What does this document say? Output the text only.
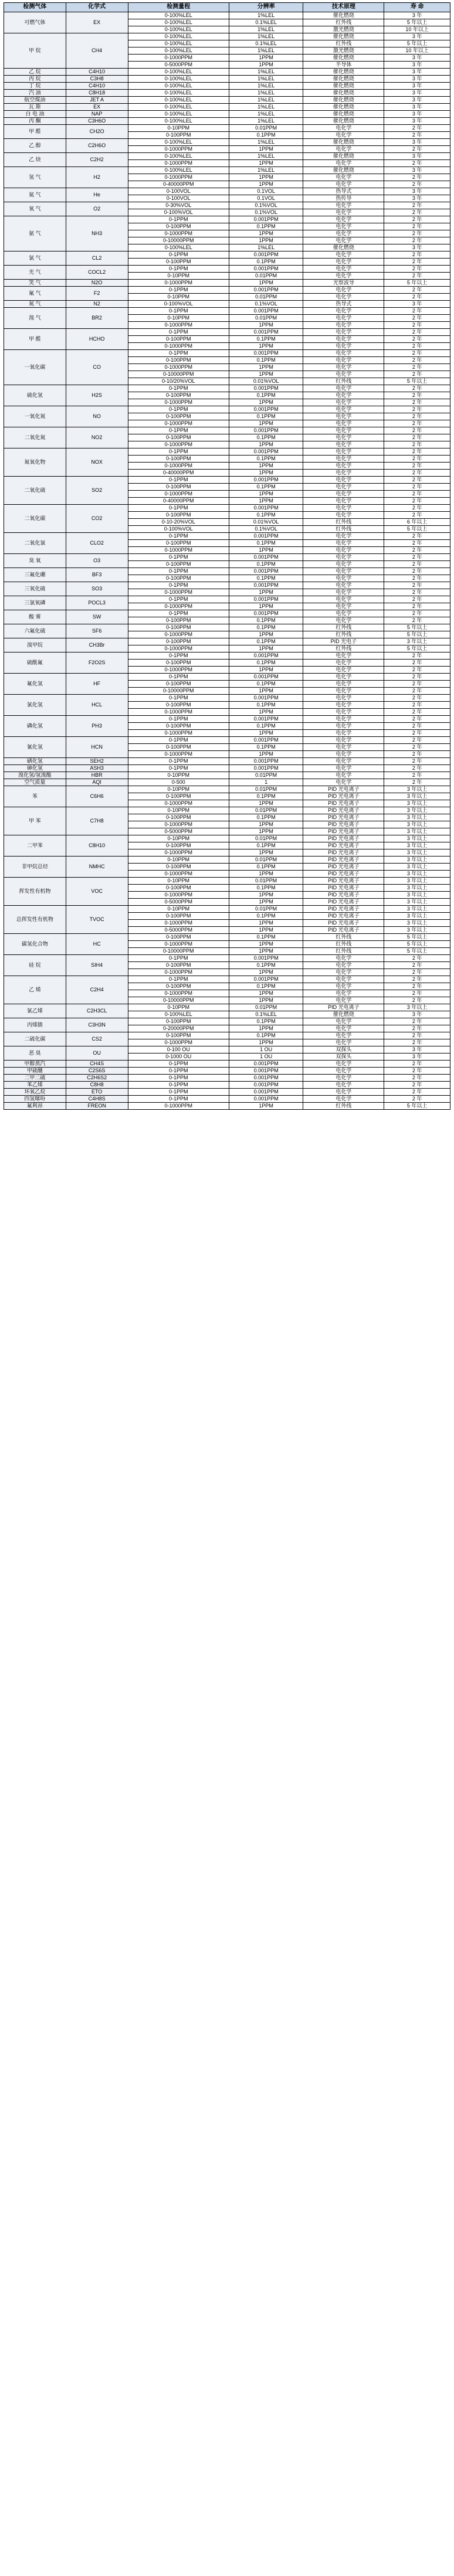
检测气体	化学式	检测量程	分辨率	技术原理	寿 命
可燃气体	EX	0-100%LEL	1%LEL	催化燃烧	3 年
		0-100%LEL	0.1%LEL	红外线	5 年以上
		0-100%LEL	1%LEL	激光燃烧	10 年以上
甲 烷	CH4	0-100%LEL	1%LEL	催化燃烧	3 年
		0-100%LEL	0.1%LEL	红外线	5 年以上
		0-100%LEL	1%LEL	激光燃烧	10 年以上
		0-1000PPM	1PPM	催化燃烧	3 年
		0-5000PPM	1PPM	半导体	3 年
乙 烷	C4H10	0-100%LEL	1%LEL	催化燃烧	3 年
丙 烷	C3H8	0-100%LEL	1%LEL	催化燃烧	3 年
丁 烷	C4H10	0-100%LEL	1%LEL	催化燃烧	3 年
汽 油	C8H18	0-100%LEL	1%LEL	催化燃烧	3 年
航空煤油	JET A	0-100%LEL	1%LEL	催化燃烧	3 年
瓦 斯	EX	0-100%LEL	1%LEL	催化燃烧	3 年
白 电 油	NAP	0-100%LEL	1%LEL	催化燃烧	3 年
丙 酮	C3H6O	0-100%LEL	1%LEL	催化燃烧	3 年
甲 醛	CH2O	0-10PPM	0.01PPM	电化学	2 年
		0-100PPM	0.1PPM	电化学	2 年
乙 醇	C2H6O	0-100%LEL	1%LEL	催化燃烧	3 年
		0-1000PPM	1PPM	电化学	2 年
乙 炔	C2H2	0-100%LEL	1%LEL	催化燃烧	3 年
		0-1000PPM	1PPM	电化学	2 年
氢 气	H2	0-100%LEL	1%LEL	催化燃烧	3 年
		0-1000PPM	1PPM	电化学	2 年
		0-40000PPM	1PPM	电化学	2 年
氦 气	He	0-100VOL	0.1VOL	热导式	3 年
		0-100VOL	0.1VOL	热传导	3 年
氧 气	O2	0-30%VOL	0.1%VOL	电化学	2 年
		0-100%VOL	0.1%VOL	电化学	2 年
氨 气	NH3	0-1PPM	0.001PPM	电化学	2 年
		0-100PPM	0.1PPM	电化学	2 年
		0-1000PPM	1PPM	电化学	2 年
		0-10000PPM	1PPM	电化学	2 年
		0-100%LEL	1%LEL	催化燃烧	3 年
氯 气	CL2	0-1PPM	0.001PPM	电化学	2 年
		0-100PPM	0.1PPM	电化学	2 年
光 气	COCL2	0-1PPM	0.001PPM	电化学	2 年
		0-10PPM	0.01PPM	电化学	2 年
笑 气	N2O	0-1000PPM	1PPM	光察波导	5 年以上
氟 气	F2	0-1PPM	0.001PPM	电化学	2 年
		0-10PPM	0.01PPM	电化学	2 年
氮 气	N2	0-100%VOL	0.1%VOL	热导式	3 年
溴 气	BR2	0-1PPM	0.001PPM	电化学	2 年
		0-10PPM	0.01PPM	电化学	2 年
		0-1000PPM	1PPM	电化学	2 年
甲 醛	HCHO	0-1PPM	0.001PPM	电化学	2 年
		0-100PPM	0.1PPM	电化学	2 年
		0-1000PPM	1PPM	电化学	2 年
一氧化碳	CO	0-1PPM	0.001PPM	电化学	2 年
		0-100PPM	0.1PPM	电化学	2 年
		0-1000PPM	1PPM	电化学	2 年
		0-10000PPM	1PPM	电化学	2 年
		0-10/20%VOL	0.01%VOL	红外线	5 年以上
硫化氢	H2S	0-1PPM	0.001PPM	电化学	2 年
		0-100PPM	0.1PPM	电化学	2 年
		0-1000PPM	1PPM	电化学	2 年
一氧化氮	NO	0-1PPM	0.001PPM	电化学	2 年
		0-100PPM	0.1PPM	电化学	2 年
		0-1000PPM	1PPM	电化学	2 年
二氧化氮	NO2	0-1PPM	0.001PPM	电化学	2 年
		0-100PPM	0.1PPM	电化学	2 年
		0-1000PPM	1PPM	电化学	2 年
氮氧化物	NOX	0-1PPM	0.001PPM	电化学	2 年
		0-100PPM	0.1PPM	电化学	2 年
		0-1000PPM	1PPM	电化学	2 年
		0-40000PPM	1PPM	电化学	2 年
二氧化硫	SO2	0-1PPM	0.001PPM	电化学	2 年
		0-100PPM	0.1PPM	电化学	2 年
		0-1000PPM	1PPM	电化学	2 年
		0-40000PPM	1PPM	电化学	2 年
二氧化碳	CO2	0-1PPM	0.001PPM	电化学	2 年
		0-100PPM	0.1PPM	电化学	2 年
		0-10-20%VOL	0.01%VOL	红外线	6 年以上
		0-100%VOL	0.1%VOL	红外线	5 年以上
二氧化氯	CLO2	0-1PPM	0.001PPM	电化学	2 年
		0-100PPM	0.1PPM	电化学	2 年
		0-1000PPM	1PPM	电化学	2 年
臭 氧	O3	0-1PPM	0.001PPM	电化学	2 年
		0-100PPM	0.1PPM	电化学	2 年
三氟化硼	BF3	0-1PPM	0.001PPM	电化学	2 年
		0-100PPM	0.1PPM	电化学	2 年
三氧化硫	SO3	0-1PPM	0.001PPM	电化学	2 年
		0-1000PPM	1PPM	电化学	2 年
三氯氧磷	POCL3	0-1PPM	0.001PPM	电化学	2 年
		0-1000PPM	1PPM	电化学	2 年
酸 雾	SW	0-1PPM	0.001PPM	电化学	2 年
		0-100PPM	0.1PPM	电化学	2 年
六氟化硫	SF6	0-100PPM	0.1PPM	红外线	5 年以上
		0-1000PPM	1PPM	红外线	5 年以上
溴甲烷	CH3Br	0-100PPM	0.1PPM	PID 光电子	3 年以上
		0-1000PPM	1PPM	红外线	5 年以上
硫酰氟	F2O2S	0-1PPM	0.001PPM	电化学	2 年
		0-100PPM	0.1PPM	电化学	2 年
		0-1000PPM	1PPM	电化学	2 年
氟化氢	HF	0-1PPM	0.001PPM	电化学	2 年
		0-100PPM	0.1PPM	电化学	2 年
		0-10000PPM	1PPM	电化学	2 年
氯化氢	HCL	0-1PPM	0.001PPM	电化学	2 年
		0-100PPM	0.1PPM	电化学	2 年
		0-1000PPM	1PPM	电化学	2 年
磷化氢	PH3	0-1PPM	0.001PPM	电化学	2 年
		0-100PPM	0.1PPM	电化学	2 年
		0-1000PPM	1PPM	电化学	2 年
氰化氢	HCN	0-1PPM	0.001PPM	电化学	2 年
		0-100PPM	0.1PPM	电化学	2 年
		0-1000PPM	1PPM	电化学	2 年
硒化氢	SEH2	0-1PPM	0.001PPM	电化学	2 年
砷化氢	ASH3	0-1PPM	0.001PPM	电化学	2 年
溴化氢/氢溴酸	HBR	0-10PPM	0.01PPM	电化学	2 年
空气质量	AQI	0-500	1	电化学	2 年
苯	C6H6	0-10PPM	0.01PPM	PID 光电离子	3 年以上
		0-100PPM	0.1PPM	PID 光电离子	3 年以上
		0-1000PPM	1PPM	PID 光电离子	3 年以上
甲 苯	C7H8	0-10PPM	0.01PPM	PID 光电离子	3 年以上
		0-100PPM	0.1PPM	PID 光电离子	3 年以上
		0-1000PPM	1PPM	PID 光电离子	3 年以上
		0-5000PPM	1PPM	PID 光电离子	3 年以上
二甲苯	C8H10	0-10PPM	0.01PPM	PID 光电离子	3 年以上
		0-100PPM	0.1PPM	PID 光电离子	3 年以上
		0-1000PPM	1PPM	PID 光电离子	3 年以上
非甲烷总烃	NMHC	0-10PPM	0.01PPM	PID 光电离子	3 年以上
		0-100PPM	0.1PPM	PID 光电离子	3 年以上
		0-1000PPM	1PPM	PID 光电离子	3 年以上
挥发性有机物	VOC	0-10PPM	0.01PPM	PID 光电离子	3 年以上
		0-100PPM	0.1PPM	PID 光电离子	3 年以上
		0-1000PPM	1PPM	PID 光电离子	3 年以上
		0-5000PPM	1PPM	PID 光电离子	3 年以上
总挥发性有机物	TVOC	0-10PPM	0.01PPM	PID 光电离子	3 年以上
		0-100PPM	0.1PPM	PID 光电离子	3 年以上
		0-1000PPM	1PPM	PID 光电离子	3 年以上
		0-5000PPM	1PPM	PID 光电离子	3 年以上
碳氢化合物	HC	0-100PPM	0.1PPM	红外线	5 年以上
		0-1000PPM	1PPM	红外线	5 年以上
		0-10000PPM	1PPM	红外线	5 年以上
硅 烷	SIH4	0-1PPM	0.001PPM	电化学	2 年
		0-100PPM	0.1PPM	电化学	2 年
		0-1000PPM	1PPM	电化学	2 年
乙 烯	C2H4	0-1PPM	0.001PPM	电化学	2 年
		0-100PPM	0.1PPM	电化学	2 年
		0-1000PPM	1PPM	电化学	2 年
		0-10000PPM	1PPM	电化学	2 年
氯乙烯	C2H3CL	0-10PPM	0.01PPM	PID 光电离子	3 年以上
		0-100%LEL	0.1%LEL	催化燃烧	3 年
丙烯腈	C3H3N	0-100PPM	0.1PPM	电化学	2 年
		0-20000PPM	1PPM	电化学	2 年
二硫化碳	CS2	0-100PPM	0.1PPM	电化学	2 年
		0-1000PPM	1PPM	电化学	2 年
恶 臭	OU	0-100 OU	1 OU	双探头	3 年
		0-1000 OU	1 OU	双探头	3 年
甲醇蒸汽	CH4S	0-1PPM	0.001PPM	电化学	2 年
甲硫醚	C2S6S	0-1PPM	0.001PPM	电化学	2 年
二甲二硫	C2H6S2	0-1PPM	0.001PPM	电化学	2 年
苯乙烯	C8H8	0-1PPM	0.001PPM	电化学	2 年
环氧乙烷	ETO	0-1PPM	0.001PPM	电化学	2 年
四氢噻吩	C4H8S	0-1PPM	0.001PPM	电化学	2 年
氟利昂	FREON	0-1000PPM	1PPM	红外线	5 年以上
